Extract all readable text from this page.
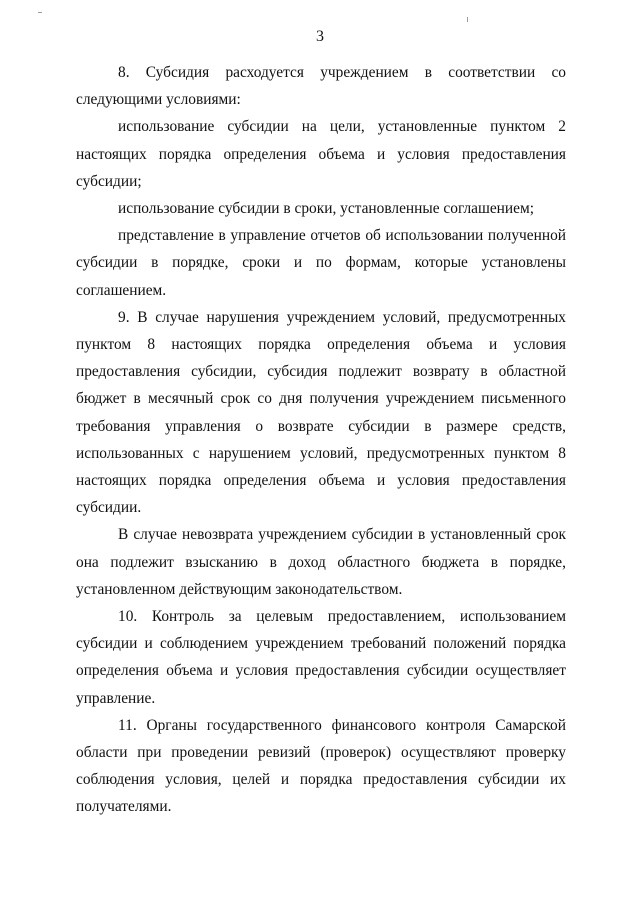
3

8. Субсидия расходуется учреждением в соответствии со следующими условиями:

использование субсидии на цели, установленные пунктом 2 настоящих порядка определения объема и условия предоставления субсидии;

использование субсидии в сроки, установленные соглашением;

представление в управление отчетов об использовании полученной субсидии в порядке, сроки и по формам, которые установлены соглашением.

9. В случае нарушения учреждением условий, предусмотренных пунктом 8 настоящих порядка определения объема и условия предоставления субсидии, субсидия подлежит возврату в областной бюджет в месячный срок со дня получения учреждением письменного требования управления о возврате субсидии в размере средств, использованных с нарушением условий, предусмотренных пунктом 8 настоящих порядка определения объема и условия предоставления субсидии.

В случае невозврата учреждением субсидии в установленный срок она подлежит взысканию в доход областного бюджета в порядке, установленном действующим законодательством.

10. Контроль за целевым предоставлением, использованием субсидии и соблюдением учреждением требований положений порядка определения объема и условия предоставления субсидии осуществляет управление.

11. Органы государственного финансового контроля Самарской области при проведении ревизий (проверок) осуществляют проверку соблюдения условия, целей и порядка предоставления субсидии их получателями.
